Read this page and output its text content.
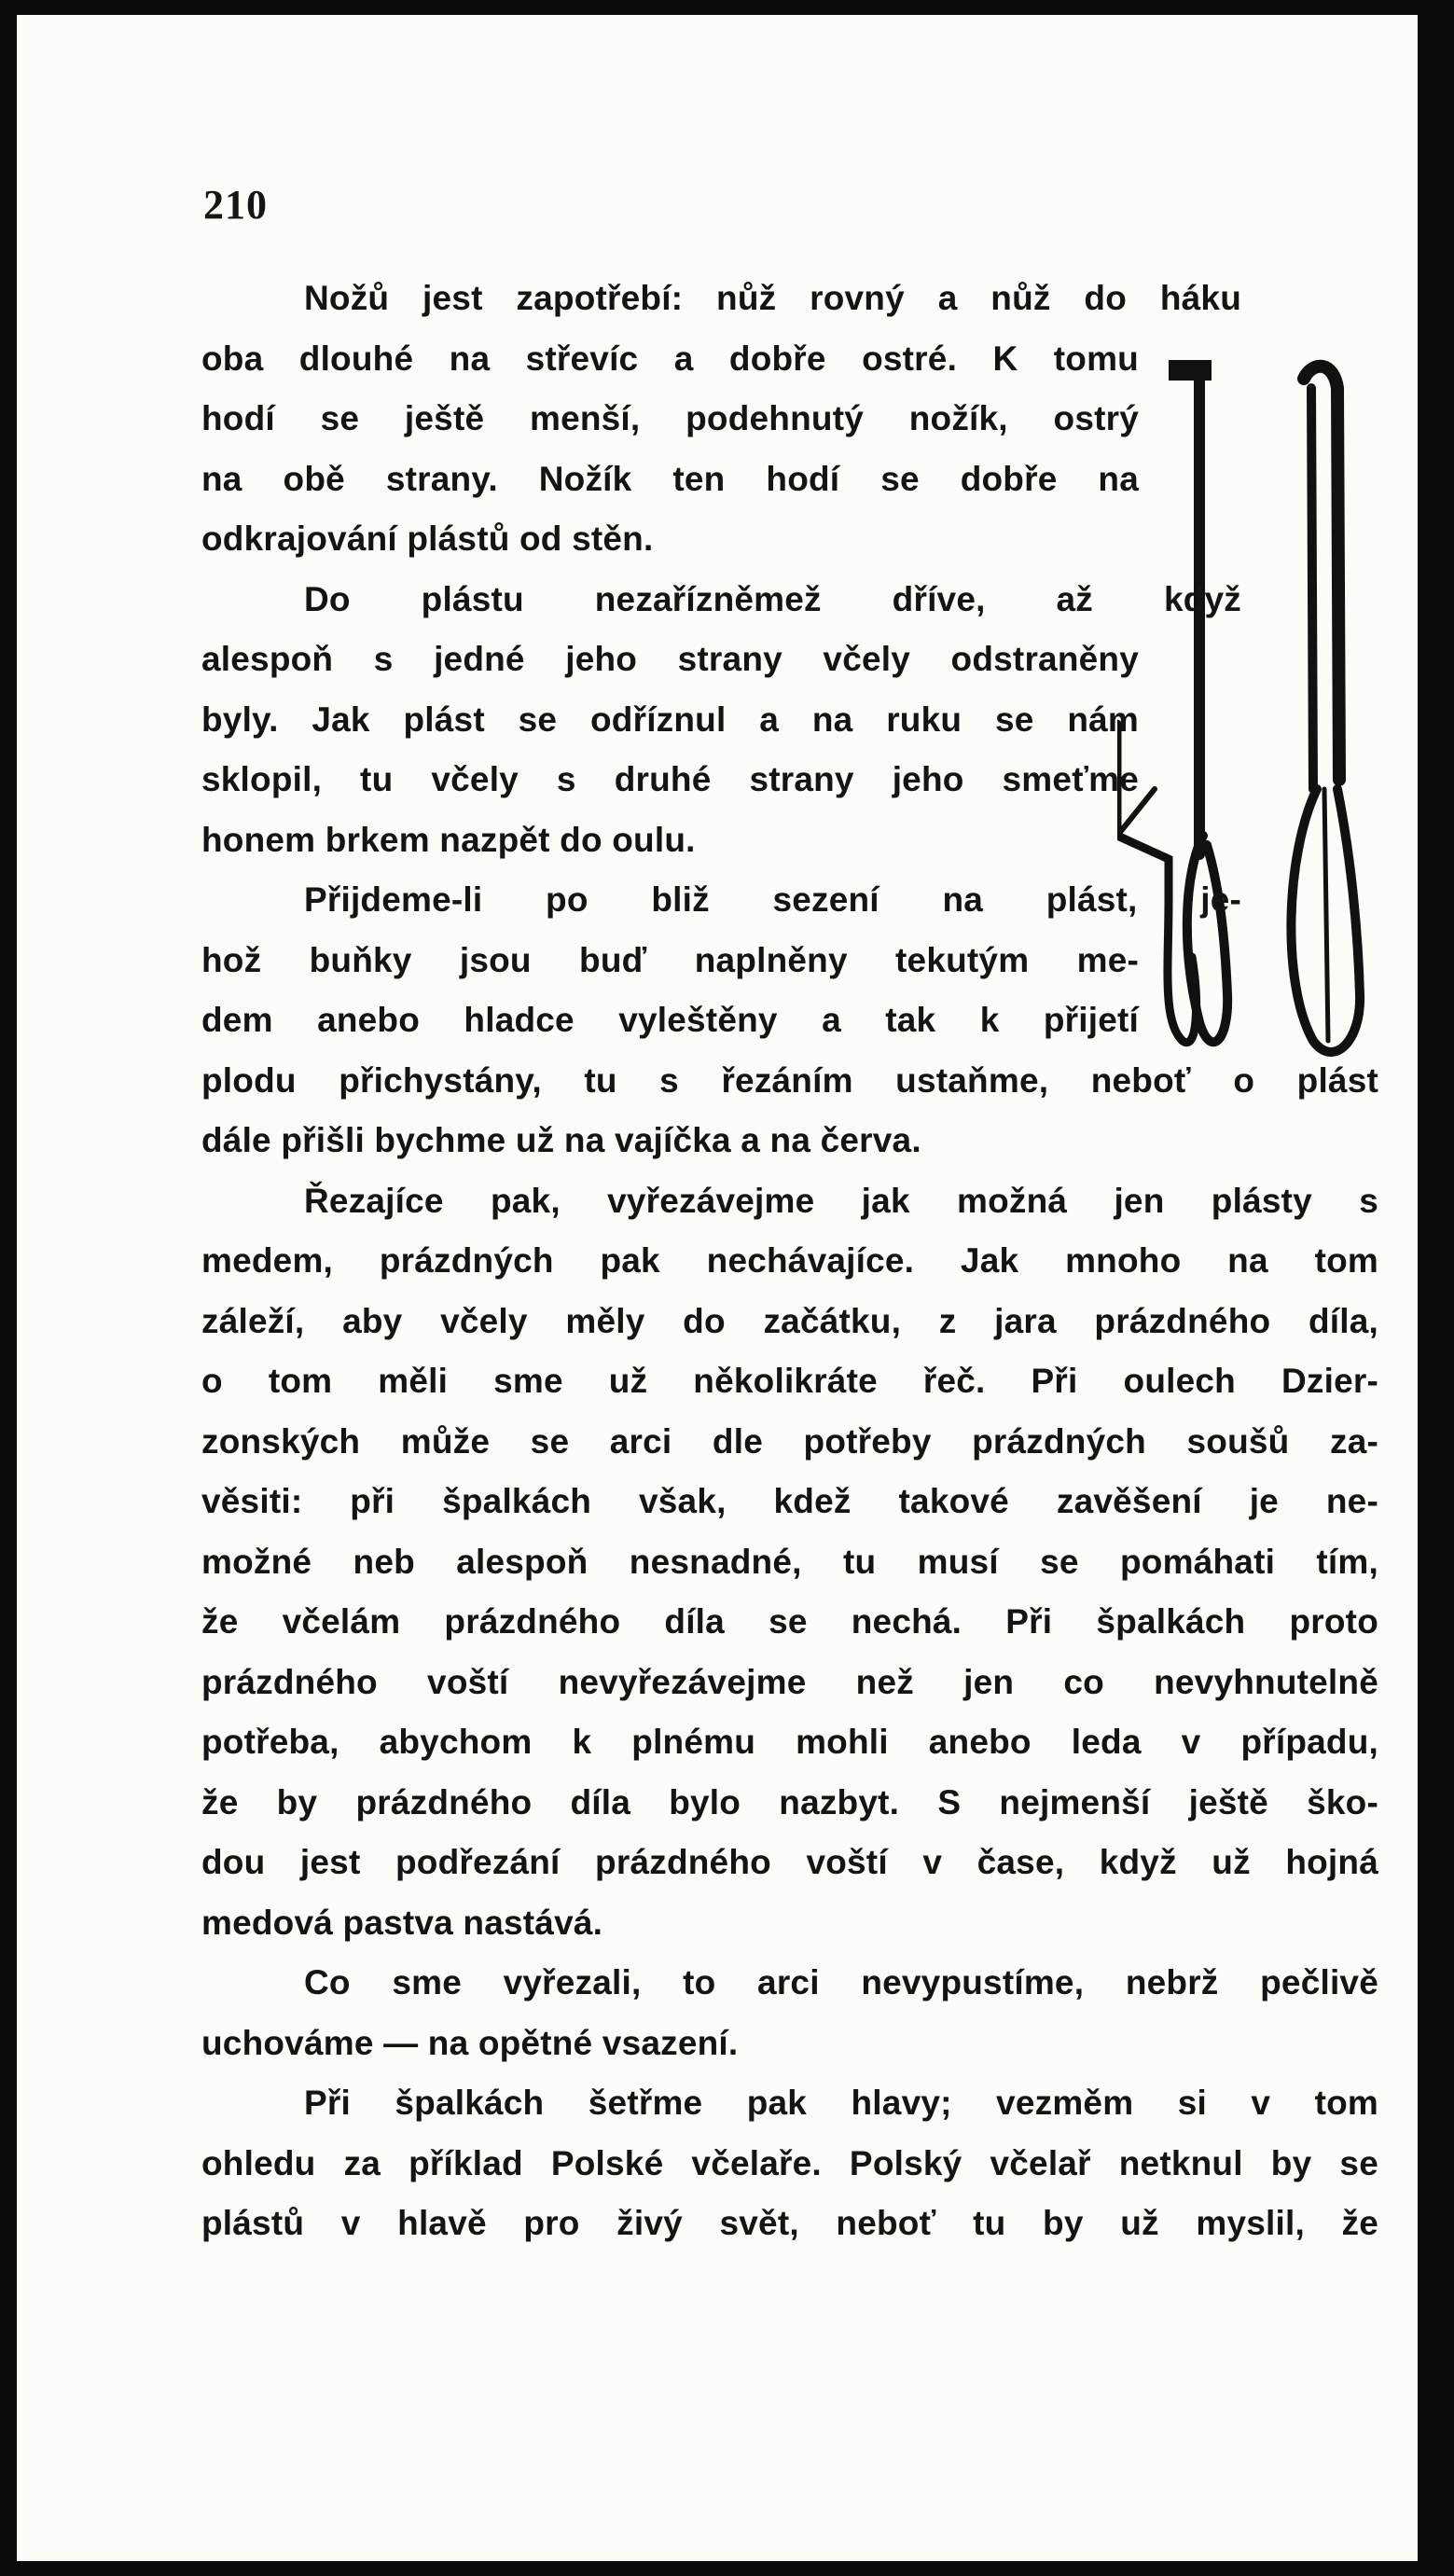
210
Nožů jest zapotřebí: nůž rovný a nůž do háku
oba dlouhé na střevíc a dobře ostré. K tomu
hodí se ještě menší, podehnutý nožík, ostrý
na obě strany. Nožík ten hodí se dobře na
odkrajování plástů od stěn.
Do plástu nezařízněmež dříve, až když
alespoň s jedné jeho strany včely odstraněny
byly. Jak plást se odříznul a na ruku se nám
sklopil, tu včely s druhé strany jeho smeťme
honem brkem nazpět do oulu.
Přijdeme-li po bliž sezení na plást, je-
hož buňky jsou buď naplněny tekutým me-
dem anebo hladce vyleštěny a tak k přijetí
plodu přichystány, tu s řezáním ustaňme, neboť o plást
dále přišli bychme už na vajíčka a na červa.
Řezajíce pak, vyřezávejme jak možná jen plásty s
medem, prázdných pak nechávajíce. Jak mnoho na tom
záleží, aby včely měly do začátku, z jara prázdného díla,
o tom měli sme už několikráte řeč. Při oulech Dzier-
zonských může se arci dle potřeby prázdných soušů za-
věsiti: při špalkách však, kdež takové zavěšení je ne-
možné neb alespoň nesnadné, tu musí se pomáhati tím,
že včelám prázdného díla se nechá. Při špalkách proto
prázdného voští nevyřezávejme než jen co nevyhnutelně
potřeba, abychom k plnému mohli anebo leda v případu,
že by prázdného díla bylo nazbyt. S nejmenší ještě ško-
dou jest podřezání prázdného voští v čase, když už hojná
medová pastva nastává.
Co sme vyřezali, to arci nevypustíme, nebrž pečlivě
uchováme — na opětné vsazení.
Při špalkách šetřme pak hlavy; vezměm si v tom
ohledu za příklad Polské včelaře. Polský včelař netknul by se
plástů v hlavě pro živý svět, neboť tu by už myslil, že
